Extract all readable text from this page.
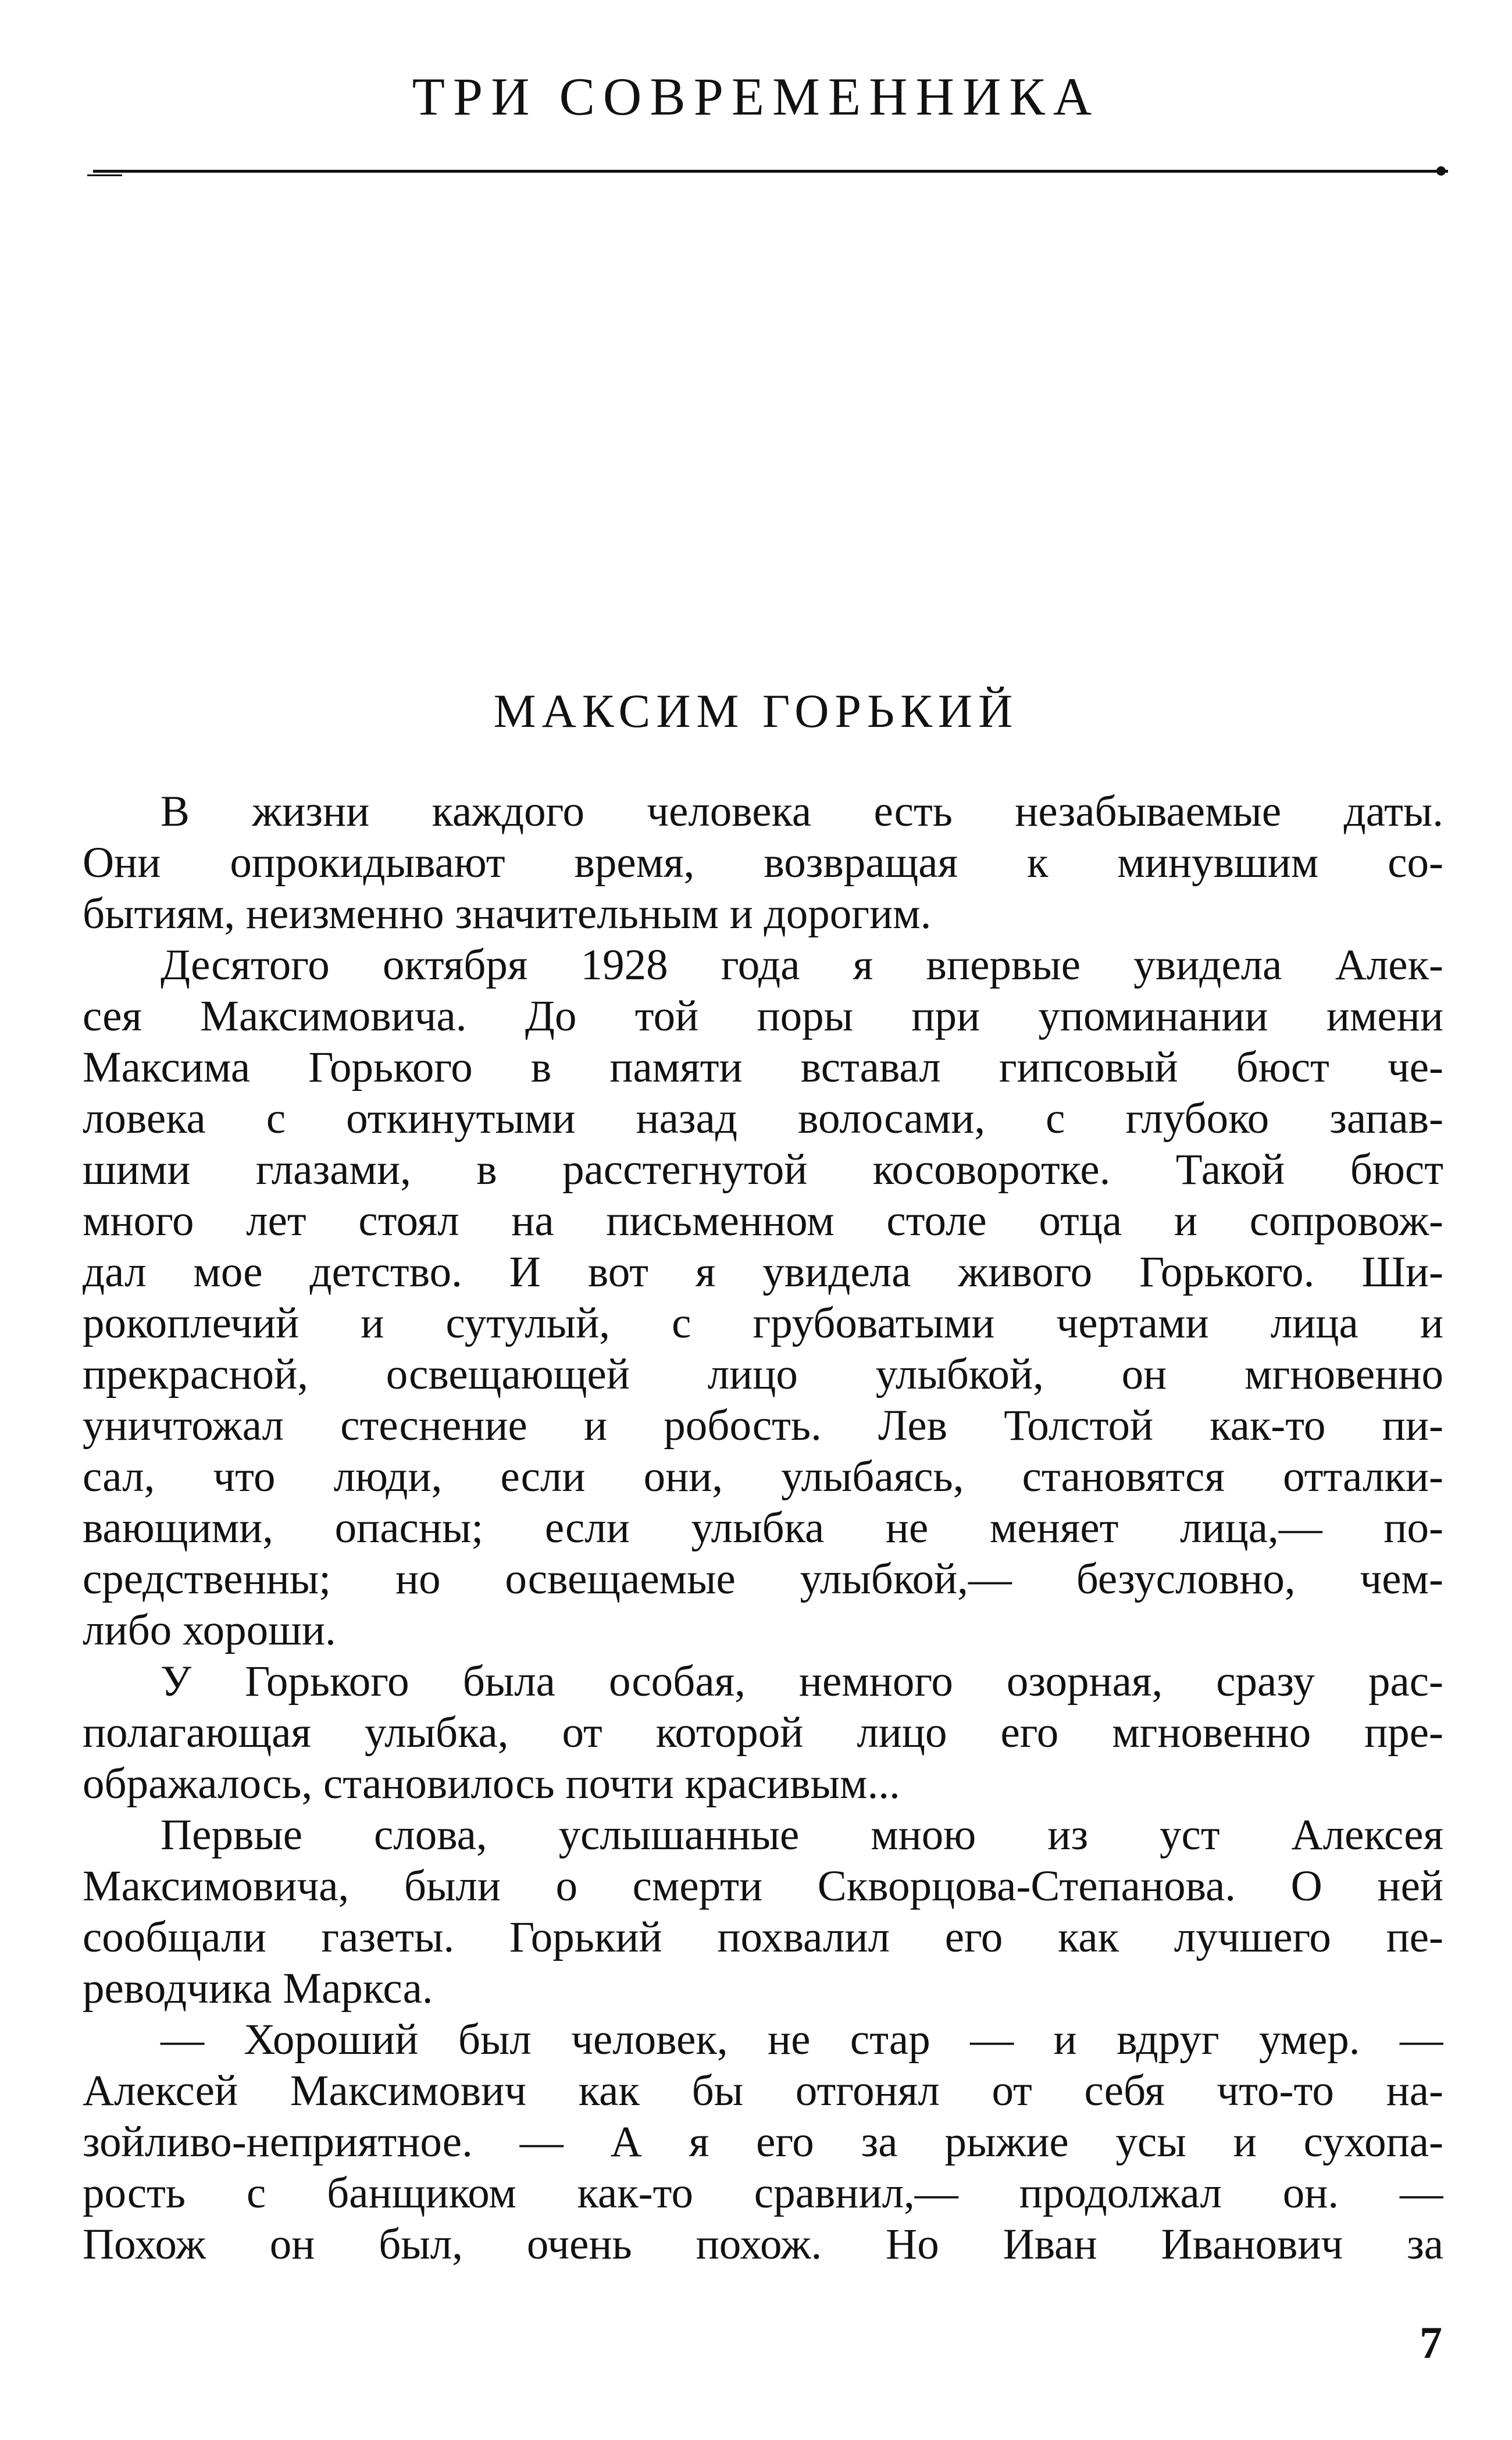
ТРИ СОВРЕМЕННИКА
МАКСИМ ГОРЬКИЙ
В жизни каждого человека есть незабываемые даты.
Они опрокидывают время, возвращая к минувшим со-
бытиям, неизменно значительным и дорогим.
Десятого октября 1928 года я впервые увидела Алек-
сея Максимовича. До той поры при упоминании имени
Максима Горького в памяти вставал гипсовый бюст че-
ловека с откинутыми назад волосами, с глубоко запав-
шими глазами, в расстегнутой косоворотке. Такой бюст
много лет стоял на письменном столе отца и сопровож-
дал мое детство. И вот я увидела живого Горького. Ши-
рокоплечий и сутулый, с грубоватыми чертами лица и
прекрасной, освещающей лицо улыбкой, он мгновенно
уничтожал стеснение и робость. Лев Толстой как-то пи-
сал, что люди, если они, улыбаясь, становятся отталки-
вающими, опасны; если улыбка не меняет лица,— по-
средственны; но освещаемые улыбкой,— безусловно, чем-
либо хороши.
У Горького была особая, немного озорная, сразу рас-
полагающая улыбка, от которой лицо его мгновенно пре-
ображалось, становилось почти красивым...
Первые слова, услышанные мною из уст Алексея
Максимовича, были о смерти Скворцова-Степанова. О ней
сообщали газеты. Горький похвалил его как лучшего пе-
реводчика Маркса.
— Хороший был человек, не стар — и вдруг умер. —
Алексей Максимович как бы отгонял от себя что-то на-
зойливо-неприятное. — А я его за рыжие усы и сухопа-
рость с банщиком как-то сравнил,— продолжал он. —
Похож он был, очень похож. Но Иван Иванович за
7
